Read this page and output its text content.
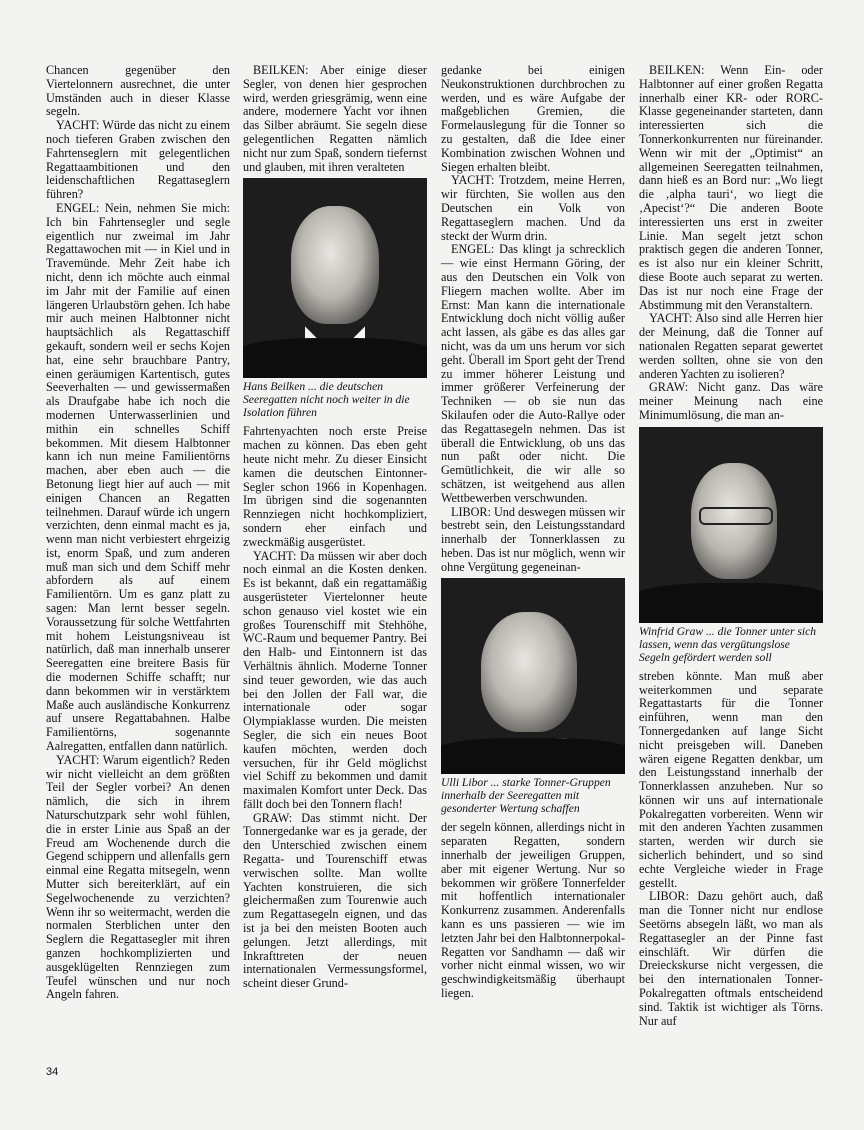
Chancen gegenüber den Viertelonnern ausrechnet, die unter Umständen auch in dieser Klasse segeln.

YACHT: Würde das nicht zu einem noch tieferen Graben zwischen den Fahrtenseglern mit gelegentlichen Regattaambitionen und den leidenschaftlichen Regattaseglern führen?

ENGEL: Nein, nehmen Sie mich: Ich bin Fahrtensegler und segle eigentlich nur zweimal im Jahr Regattawochen mit — in Kiel und in Travemünde. Mehr Zeit habe ich nicht, denn ich möchte auch einmal im Jahr mit der Familie auf einen längeren Urlaubstörn gehen. Ich habe mir auch meinen Halbtonner nicht hauptsächlich als Regattaschiff gekauft, sondern weil er sechs Kojen hat, eine sehr brauchbare Pantry, einen geräumigen Kartentisch, gutes Seeverhalten — und gewissermaßen als Draufgabe habe ich noch die modernen Unterwasserlinien und mithin ein schnelles Schiff bekommen. Mit diesem Halbtonner kann ich nun meine Familientörns machen, aber eben auch — die Betonung liegt hier auf auch — mit einigen Chancen an Regatten teilnehmen. Darauf würde ich ungern verzichten, denn einmal macht es ja, wenn man nicht verbiestert ehrgeizig ist, enorm Spaß, und zum anderen muß man sich und dem Schiff mehr abfordern als auf einem Familientörn. Um es ganz platt zu sagen: Man lernt besser segeln. Voraussetzung für solche Wettfahrten mit hohem Leistungsniveau ist natürlich, daß man innerhalb unserer Seeregatten eine breitere Basis für die modernen Schiffe schafft; nur dann bekommen wir in verstärktem Maße auch ausländische Konkurrenz auf unsere Regattabahnen. Halbe Familientörns, sogenannte Aalregatten, entfallen dann natürlich.

YACHT: Warum eigentlich? Reden wir nicht vielleicht an dem größten Teil der Segler vorbei? An denen nämlich, die sich in ihrem Naturschutzpark sehr wohl fühlen, die in erster Linie aus Spaß an der Freud am Wochenende durch die Gegend schippern und allenfalls gern einmal eine Regatta mitsegeln, wenn Mutter sich bereiterklärt, auf ein Segelwochenende zu verzichten? Wenn ihr so weitermacht, werden die normalen Sterblichen unter den Seglern die Regattasegler mit ihren ganzen hochkomplizierten und ausgeklügelten Rennziegen zum Teufel wünschen und nur noch Angeln fahren.

BEILKEN: Aber einige dieser Segler, von denen hier gesprochen wird, werden griesgrämig, wenn eine andere, modernere Yacht vor ihnen das Silber abräumt. Sie segeln diese gelegentlichen Regatten nämlich nicht nur zum Spaß, sondern tiefernst und glauben, mit ihren veralteten

Hans Beilken ... die deutschen Seeregatten nicht noch weiter in die Isolation führen

Fahrtenyachten noch erste Preise machen zu können. Das eben geht heute nicht mehr. Zu dieser Einsicht kamen die deutschen Eintonner-Segler schon 1966 in Kopenhagen. Im übrigen sind die sogenannten Rennziegen nicht hochkompliziert, sondern eher einfach und zweckmäßig ausgerüstet.

YACHT: Da müssen wir aber doch noch einmal an die Kosten denken. Es ist bekannt, daß ein regattamäßig ausgerüsteter Viertelonner heute schon genauso viel kostet wie ein großes Tourenschiff mit Stehhöhe, WC-Raum und bequemer Pantry. Bei den Halb- und Eintonnern ist das Verhältnis ähnlich. Moderne Tonner sind teuer geworden, wie das auch bei den Jollen der Fall war, die internationale oder sogar Olympiaklasse wurden. Die meisten Segler, die sich ein neues Boot kaufen möchten, werden doch versuchen, für ihr Geld möglichst viel Schiff zu bekommen und damit maximalen Komfort unter Deck. Das fällt doch bei den Tonnern flach!

GRAW: Das stimmt nicht. Der Tonnergedanke war es ja gerade, der den Unterschied zwischen einem Regatta- und Tourenschiff etwas verwischen sollte. Man wollte Yachten konstruieren, die sich gleichermaßen zum Tourenwie auch zum Regattasegeln eignen, und das ist ja bei den meisten Booten auch gelungen. Jetzt allerdings, mit Inkrafttreten der neuen internationalen Vermessungsformel, scheint dieser Grund-

gedanke bei einigen Neukonstruktionen durchbrochen zu werden, und es wäre Aufgabe der maßgeblichen Gremien, die Formelauslegung für die Tonner so zu gestalten, daß die Idee einer Kombination zwischen Wohnen und Siegen erhalten bleibt.

YACHT: Trotzdem, meine Herren, wir fürchten, Sie wollen aus den Deutschen ein Volk von Regattaseglern machen. Und da steckt der Wurm drin.

ENGEL: Das klingt ja schrecklich — wie einst Hermann Göring, der aus den Deutschen ein Volk von Fliegern machen wollte. Aber im Ernst: Man kann die internationale Entwicklung doch nicht völlig außer acht lassen, als gäbe es das alles gar nicht, was da um uns herum vor sich geht. Überall im Sport geht der Trend zu immer höherer Leistung und immer größerer Verfeinerung der Techniken — ob sie nun das Skilaufen oder die Auto-Rallye oder das Regattasegeln nehmen. Das ist überall die Entwicklung, ob uns das nun paßt oder nicht. Die Gemütlichkeit, die wir alle so schätzen, ist weitgehend aus allen Wettbewerben verschwunden.

LIBOR: Und deswegen müssen wir bestrebt sein, den Leistungsstandard innerhalb der Tonnerklassen zu heben. Das ist nur möglich, wenn wir ohne Vergütung gegeneinan-

Ulli Libor ... starke Tonner-Gruppen innerhalb der Seeregatten mit gesonderter Wertung schaffen

der segeln können, allerdings nicht in separaten Regatten, sondern innerhalb der jeweiligen Gruppen, aber mit eigener Wertung. Nur so bekommen wir größere Tonnerfelder mit hoffentlich internationaler Konkurrenz zusammen. Anderenfalls kann es uns passieren — wie im letzten Jahr bei den Halbtonnerpokal-Regatten vor Sandhamn — daß wir vorher nicht einmal wissen, wo wir geschwindigkeitsmäßig überhaupt liegen.

BEILKEN: Wenn Ein- oder Halbtonner auf einer großen Regatta innerhalb einer KR- oder RORC-Klasse gegeneinander starteten, dann interessierten sich die Tonnerkonkurrenten nur füreinander. Wenn wir mit der „Optimist“ an allgemeinen Seeregatten teilnahmen, dann hieß es an Bord nur: „Wo liegt die ‚alpha tauri‘, wo liegt die ‚Apecist‘?“ Die anderen Boote interessierten uns erst in zweiter Linie. Man segelt jetzt schon praktisch gegen die anderen Tonner, es ist also nur ein kleiner Schritt, diese Boote auch separat zu werten. Das ist nur noch eine Frage der Abstimmung mit den Veranstaltern.

YACHT: Also sind alle Herren hier der Meinung, daß die Tonner auf nationalen Regatten separat gewertet werden sollten, ohne sie von den anderen Yachten zu isolieren?

GRAW: Nicht ganz. Das wäre meiner Meinung nach eine Minimumlösung, die man an-

Winfrid Graw ... die Tonner unter sich lassen, wenn das vergütungslose Segeln gefördert werden soll

streben könnte. Man muß aber weiterkommen und separate Regattastarts für die Tonner einführen, wenn man den Tonnergedanken auf lange Sicht nicht preisgeben will. Daneben wären eigene Regatten denkbar, um den Leistungsstand innerhalb der Tonnerklassen anzuheben. Nur so können wir uns auf internationale Pokalregatten vorbereiten. Wenn wir mit den anderen Yachten zusammen starten, werden wir durch sie sicherlich behindert, und so sind echte Vergleiche wieder in Frage gestellt.

LIBOR: Dazu gehört auch, daß man die Tonner nicht nur endlose Seetörns absegeln läßt, wo man als Regattasegler an der Pinne fast einschläft. Wir dürfen die Dreieckskurse nicht vergessen, die bei den internationalen Tonner-Pokalregatten oftmals entscheidend sind. Taktik ist wichtiger als Törns. Nur auf

34
